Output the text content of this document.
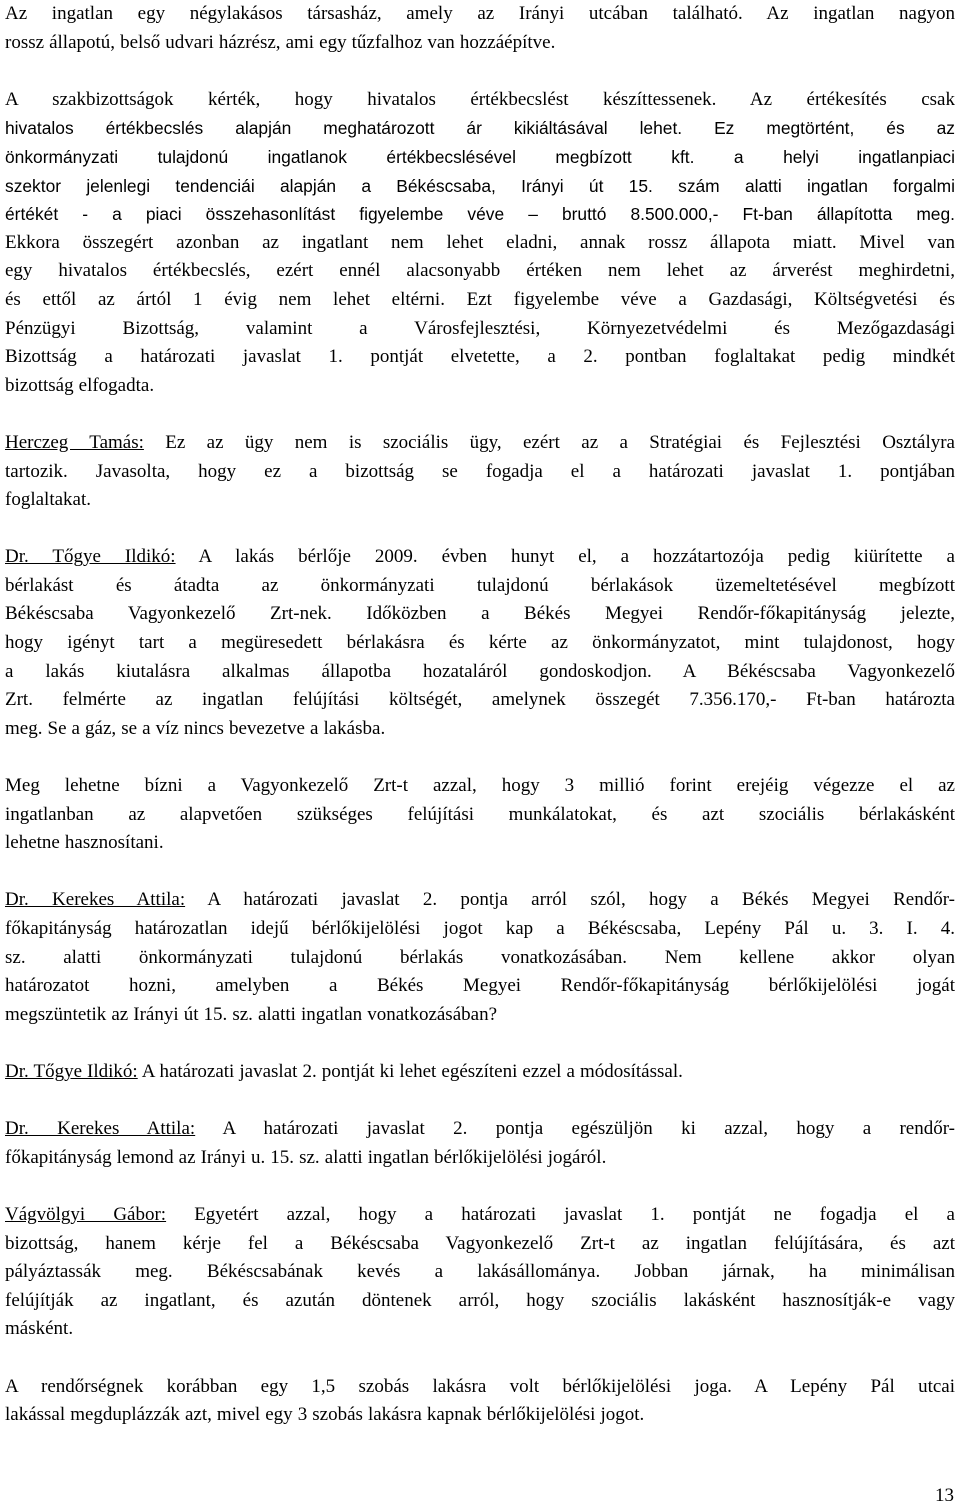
Az ingatlan egy négylakásos társasház, amely az Irányi utcában található. Az ingatlan nagyon
rossz állapotú, belső udvari házrész, ami egy tűzfalhoz van hozzáépítve.
A szakbizottságok kérték, hogy hivatalos értékbecslést készíttessenek. Az értékesítés csak
hivatalos értékbecslés alapján meghatározott ár kikiáltásával lehet. Ez megtörtént, és az
önkormányzati tulajdonú ingatlanok értékbecslésével megbízott kft. a helyi ingatlanpiaci
szektor jelenlegi tendenciái alapján a Békéscsaba, Irányi út 15. szám alatti ingatlan forgalmi
értékét - a piaci összehasonlítást figyelembe véve – bruttó 8.500.000,- Ft-ban állapította meg.
Ekkora összegért azonban az ingatlant nem lehet eladni, annak rossz állapota miatt. Mivel van
egy hivatalos értékbecslés, ezért ennél alacsonyabb értéken nem lehet az árverést meghirdetni,
és ettől az ártól 1 évig nem lehet eltérni. Ezt figyelembe véve a Gazdasági, Költségvetési és
Pénzügyi Bizottság, valamint a Városfejlesztési, Környezetvédelmi és Mezőgazdasági
Bizottság a határozati javaslat 1. pontját elvetette, a 2. pontban foglaltakat pedig mindkét
bizottság elfogadta.
Herczeg Tamás: Ez az ügy nem is szociális ügy, ezért az a Stratégiai és Fejlesztési Osztályra
tartozik. Javasolta, hogy ez a bizottság se fogadja el a határozati javaslat 1. pontjában
foglaltakat.
Dr. Tőgye Ildikó: A lakás bérlője 2009. évben hunyt el, a hozzátartozója pedig kiürítette a
bérlakást és átadta az önkormányzati tulajdonú bérlakások üzemeltetésével megbízott
Békéscsaba Vagyonkezelő Zrt-nek. Időközben a Békés Megyei Rendőr-főkapitányság jelezte,
hogy igényt tart a megüresedett bérlakásra és kérte az önkormányzatot, mint tulajdonost, hogy
a lakás kiutalásra alkalmas állapotba hozataláról gondoskodjon. A Békéscsaba Vagyonkezelő
Zrt. felmérte az ingatlan felújítási költségét, amelynek összegét 7.356.170,- Ft-ban határozta
meg. Se a gáz, se a víz nincs bevezetve a lakásba.
Meg lehetne bízni a Vagyonkezelő Zrt-t azzal, hogy 3 millió forint erejéig végezze el az
ingatlanban az alapvetően szükséges felújítási munkálatokat, és azt szociális bérlakásként
lehetne hasznosítani.
Dr. Kerekes Attila: A határozati javaslat 2. pontja arról szól, hogy a Békés Megyei Rendőr-
főkapitányság határozatlan idejű bérlőkijelölési jogot kap a Békéscsaba, Lepény Pál u. 3. I. 4.
sz. alatti önkormányzati tulajdonú bérlakás vonatkozásában. Nem kellene akkor olyan
határozatot hozni, amelyben a Békés Megyei Rendőr-főkapitányság bérlőkijelölési jogát
megszüntetik az Irányi út 15. sz. alatti ingatlan vonatkozásában?
Dr. Tőgye Ildikó: A határozati javaslat 2. pontját ki lehet egészíteni ezzel a módosítással.
Dr. Kerekes Attila: A határozati javaslat 2. pontja egészüljön ki azzal, hogy a rendőr-
főkapitányság lemond az Irányi u. 15. sz. alatti ingatlan bérlőkijelölési jogáról.
Vágvölgyi Gábor: Egyetért azzal, hogy a határozati javaslat 1. pontját ne fogadja el a
bizottság, hanem kérje fel a Békéscsaba Vagyonkezelő Zrt-t az ingatlan felújítására, és azt
pályáztassák meg. Békéscsabának kevés a lakásállománya. Jobban járnak, ha minimálisan
felújítják az ingatlant, és azután döntenek arról, hogy szociális lakásként hasznosítják-e vagy
másként.
A rendőrségnek korábban egy 1,5 szobás lakásra volt bérlőkijelölési joga. A Lepény Pál utcai
lakással megduplázzák azt, mivel egy 3 szobás lakásra kapnak bérlőkijelölési jogot.
13
